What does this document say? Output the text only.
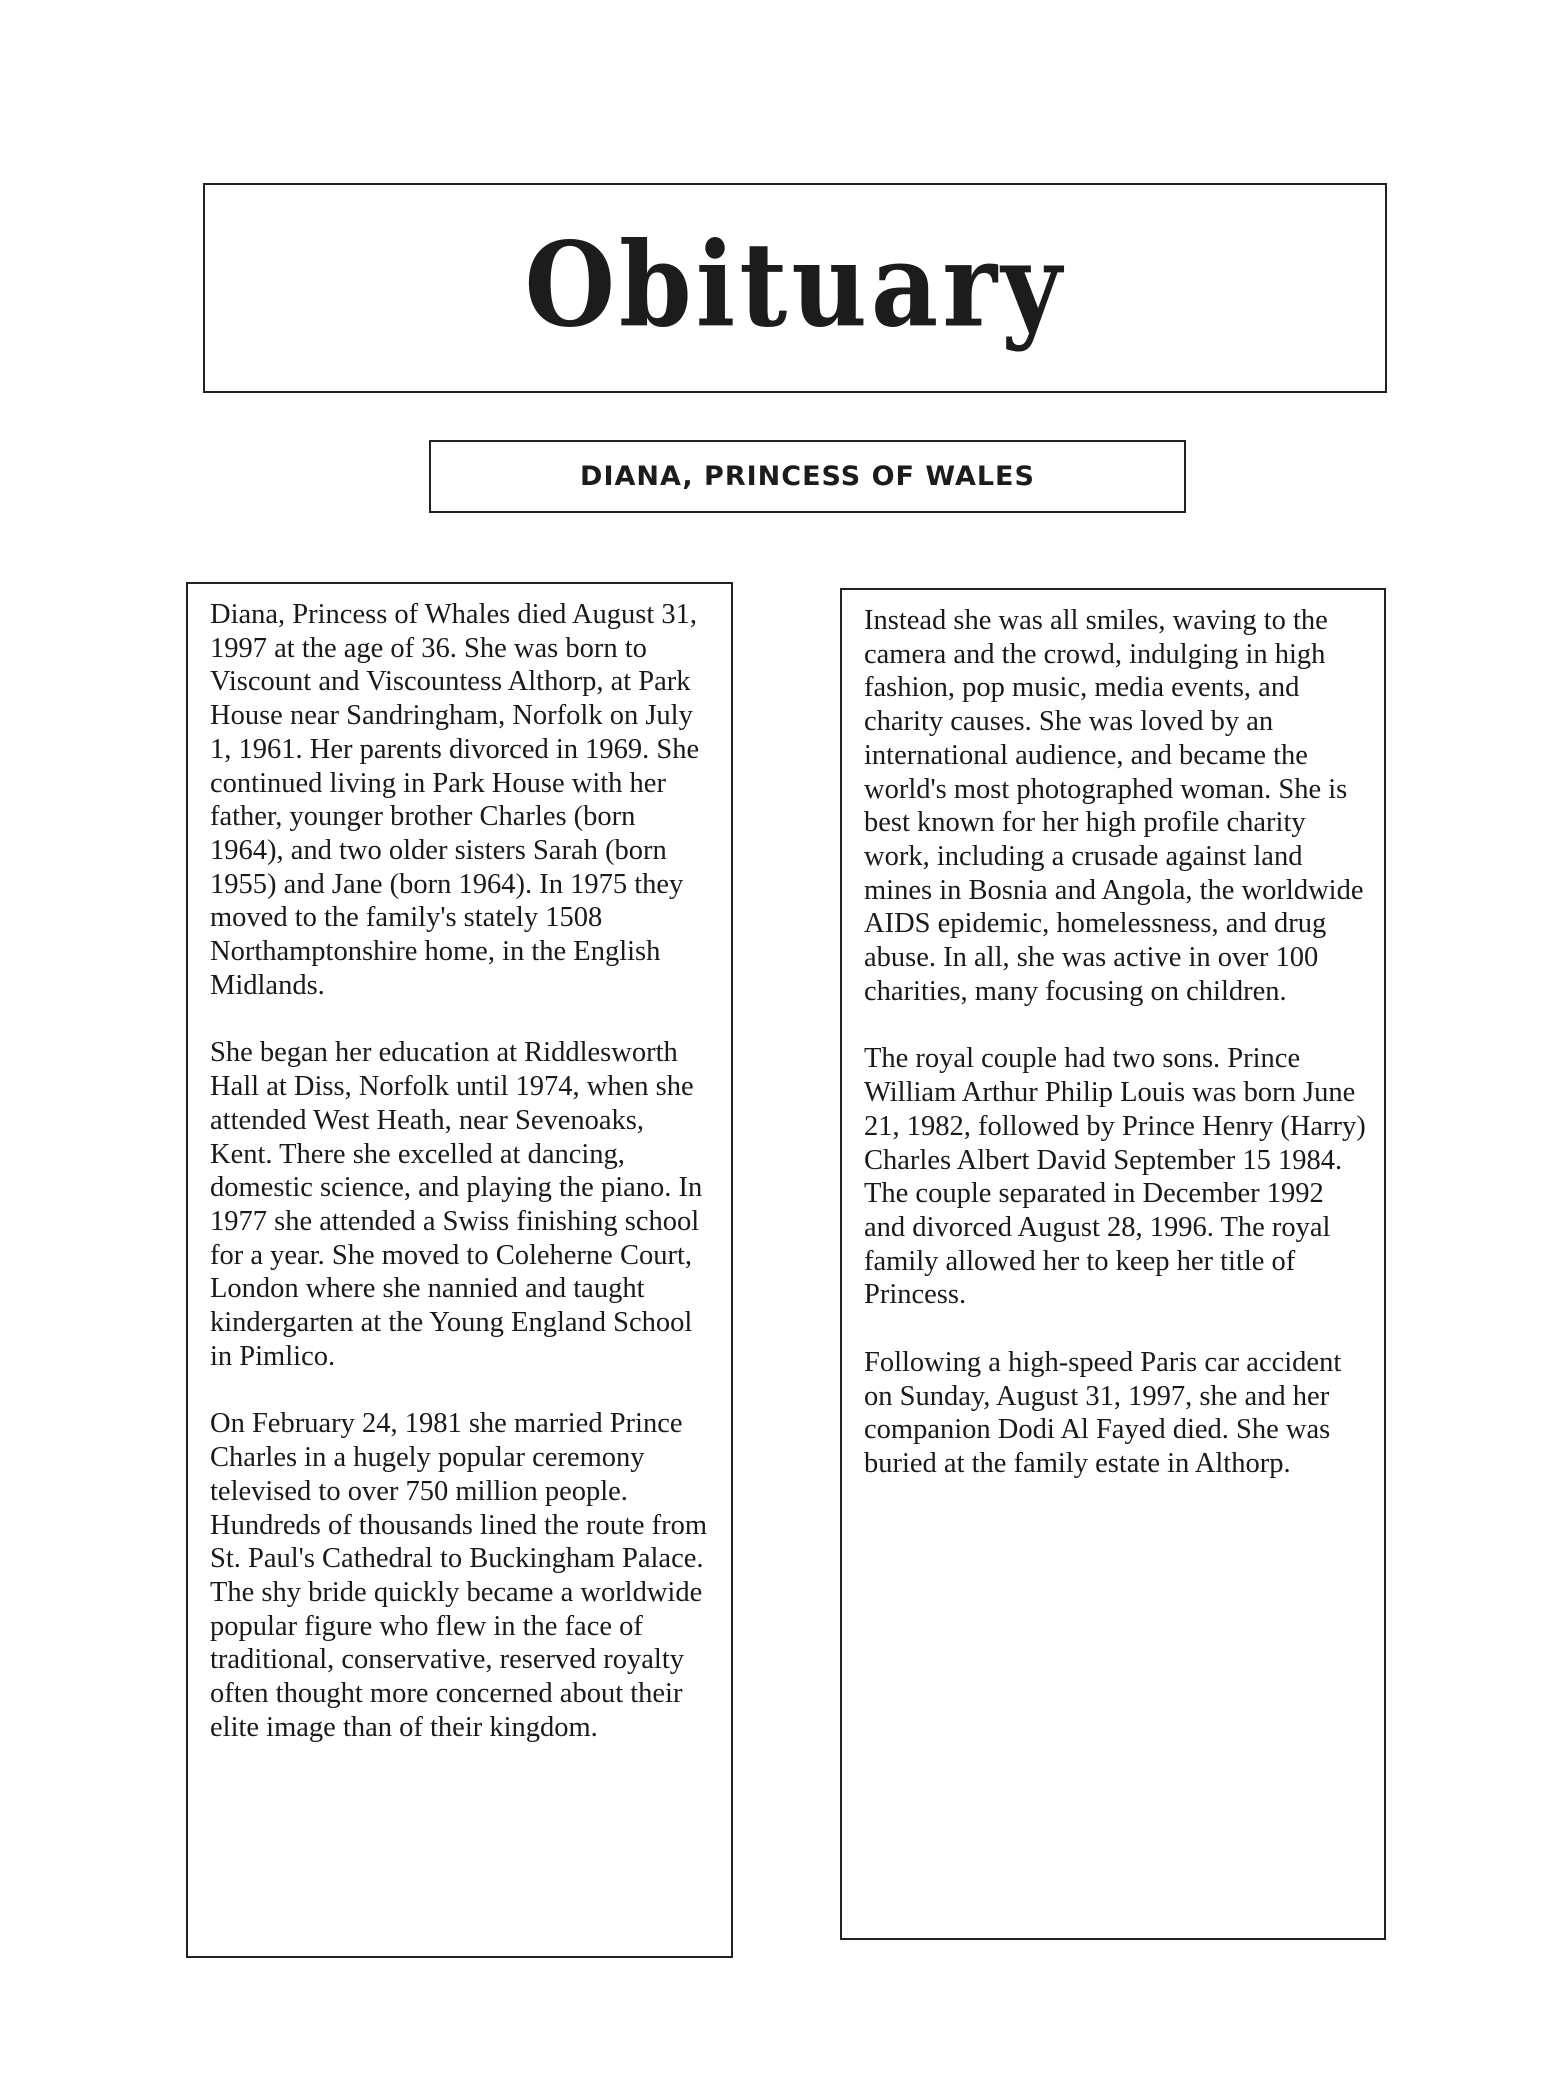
Obituary
DIANA, PRINCESS OF WALES

Diana, Princess of Whales died August 31, 1997 at the age of 36. She was born to Viscount and Viscountess Althorp, at Park House near Sandringham, Norfolk on July 1, 1961. Her parents divorced in 1969. She continued living in Park House with her father, younger brother Charles (born 1964), and two older sisters Sarah (born 1955) and Jane (born 1964). In 1975 they moved to the family's stately 1508 Northamptonshire home, in the English Midlands.

She began her education at Riddlesworth Hall at Diss, Norfolk until 1974, when she attended West Heath, near Sevenoaks, Kent. There she excelled at dancing, domestic science, and playing the piano. In 1977 she attended a Swiss finishing school for a year. She moved to Coleherne Court, London where she nannied and taught kindergarten at the Young England School in Pimlico.

On February 24, 1981 she married Prince Charles in a hugely popular ceremony televised to over 750 million people. Hundreds of thousands lined the route from St. Paul's Cathedral to Buckingham Palace. The shy bride quickly became a worldwide popular figure who flew in the face of traditional, conservative, reserved royalty often thought more concerned about their elite image than of their kingdom.

Instead she was all smiles, waving to the camera and the crowd, indulging in high fashion, pop music, media events, and charity causes. She was loved by an international audience, and became the world's most photographed woman. She is best known for her high profile charity work, including a crusade against land mines in Bosnia and Angola, the worldwide AIDS epidemic, homelessness, and drug abuse. In all, she was active in over 100 charities, many focusing on children.

The royal couple had two sons. Prince William Arthur Philip Louis was born June 21, 1982, followed by Prince Henry (Harry) Charles Albert David September 15 1984. The couple separated in December 1992 and divorced August 28, 1996. The royal family allowed her to keep her title of Princess.

Following a high-speed Paris car accident on Sunday, August 31, 1997, she and her companion Dodi Al Fayed died. She was buried at the family estate in Althorp.
